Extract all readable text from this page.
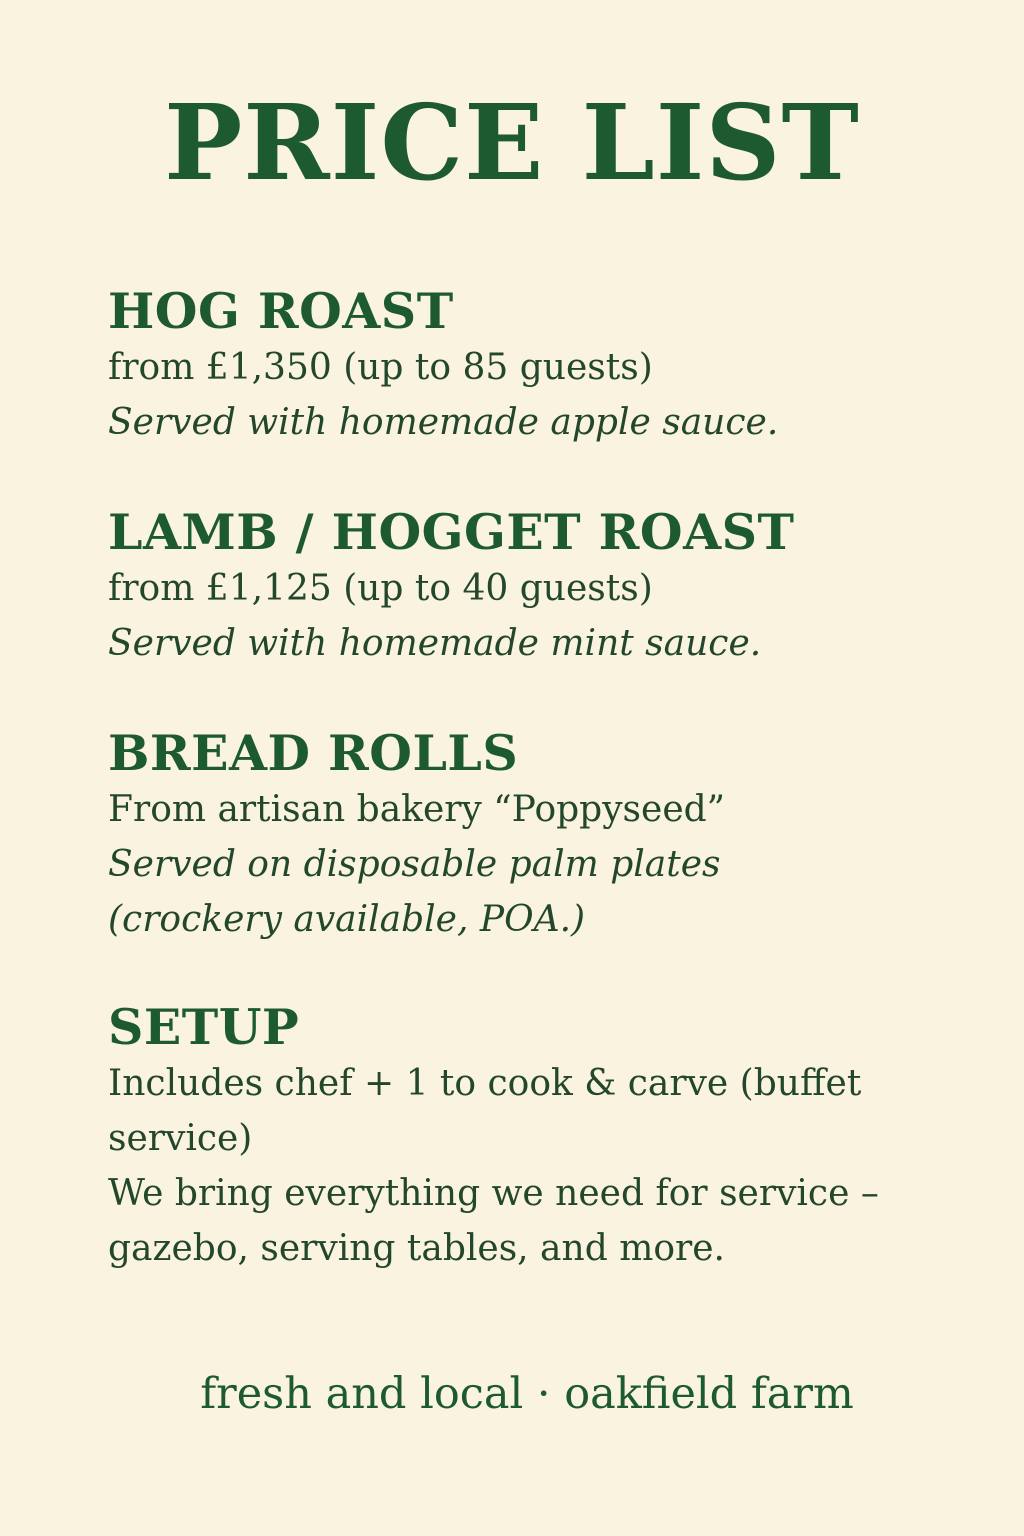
PRICE LIST
HOG ROAST

from £1,350 (up to 85 guests)

Served with homemade apple sauce.

LAMB / HOGGET ROAST

from £1,125 (up to 40 guests)

Served with homemade mint sauce.

BREAD ROLLS

From artisan bakery “Poppyseed”

Served on disposable palm plates

(crockery available, POA.)

SETUP

Includes chef + 1 to cook & carve (buffet

service)

We bring everything we need for service –

gazebo, serving tables, and more.

fresh and local · oakfield farm
